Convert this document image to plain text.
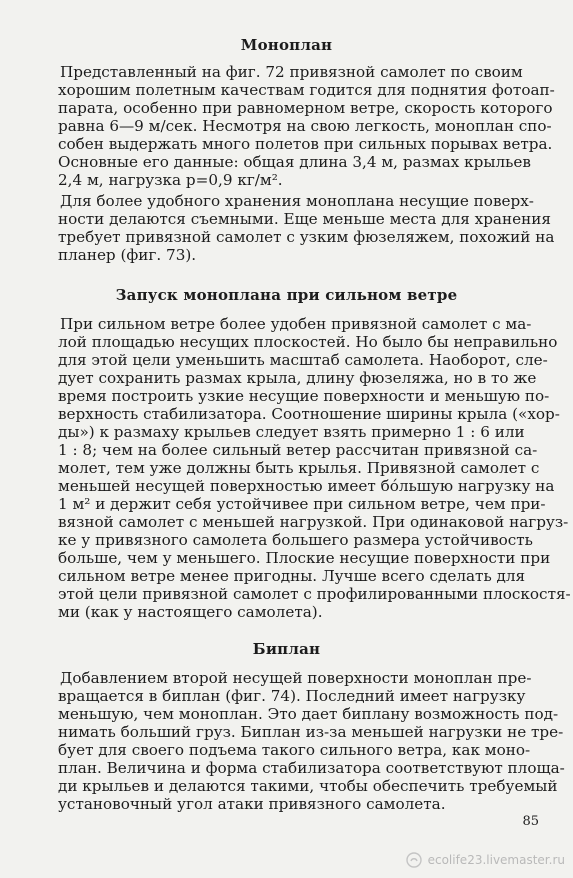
Моноплан
Представленный на фиг. 72 привязной самолет по своим
хорошим полетным качествам годится для поднятия фотоап-
парата, особенно при равномерном ветре, скорость которого
равна 6—9 м/сек. Несмотря на свою легкость, моноплан спо-
собен выдержать много полетов при сильных порывах ветра.
Основные его данные: общая длина 3,4 м, размах крыльев
2,4 м, нагрузка p=0,9 кг/м².
Для более удобного хранения моноплана несущие поверх-
ности делаются съемными. Еще меньше места для хранения
требует привязной самолет с узким фюзеляжем, похожий на
планер (фиг. 73).
Запуск моноплана при сильном ветре
При сильном ветре более удобен привязной самолет с ма-
лой площадью несущих плоскостей. Но было бы неправильно
для этой цели уменьшить масштаб самолета. Наоборот, сле-
дует сохранить размах крыла, длину фюзеляжа, но в то же
время построить узкие несущие поверхности и меньшую по-
верхность стабилизатора. Соотношение ширины крыла («хор-
ды») к размаху крыльев следует взять примерно 1 : 6 или
1 : 8; чем на более сильный ветер рассчитан привязной са-
молет, тем уже должны быть крылья. Привязной самолет с
меньшей несущей поверхностью имеет бо́льшую нагрузку на
1 м² и держит себя устойчивее при сильном ветре, чем при-
вязной самолет с меньшей нагрузкой. При одинаковой нагруз-
ке у привязного самолета большего размера устойчивость
больше, чем у меньшего. Плоские несущие поверхности при
сильном ветре менее пригодны. Лучше всего сделать для
этой цели привязной самолет с профилированными плоскостя-
ми (как у настоящего самолета).
Биплан
Добавлением второй несущей поверхности моноплан пре-
вращается в биплан (фиг. 74). Последний имеет нагрузку
меньшую, чем моноплан. Это дает биплану возможность под-
нимать больший груз. Биплан из-за меньшей нагрузки не тре-
бует для своего подъема такого сильного ветра, как моно-
план. Величина и форма стабилизатора соответствуют площа-
ди крыльев и делаются такими, чтобы обеспечить требуемый
установочный угол атаки привязного самолета.
85
ecolife23.livemaster.ru
